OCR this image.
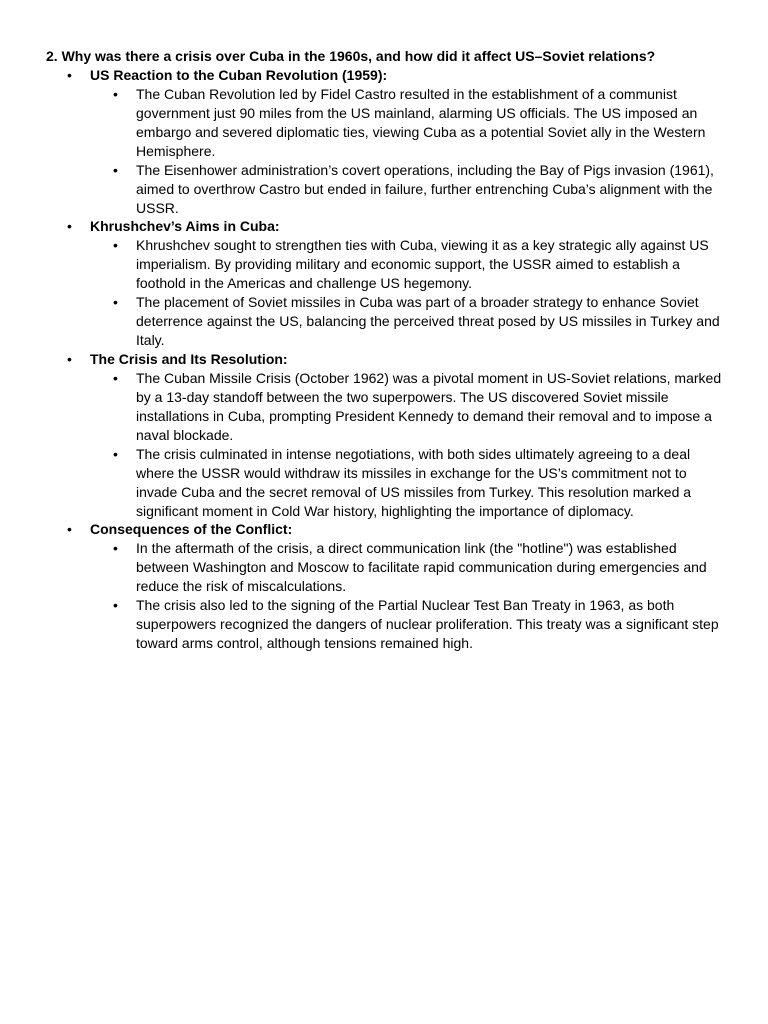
2. Why was there a crisis over Cuba in the 1960s, and how did it affect US–Soviet relations?
• US Reaction to the Cuban Revolution (1959):
• The Cuban Revolution led by Fidel Castro resulted in the establishment of a communist government just 90 miles from the US mainland, alarming US officials. The US imposed an embargo and severed diplomatic ties, viewing Cuba as a potential Soviet ally in the Western Hemisphere.
• The Eisenhower administration’s covert operations, including the Bay of Pigs invasion (1961), aimed to overthrow Castro but ended in failure, further entrenching Cuba’s alignment with the USSR.
• Khrushchev’s Aims in Cuba:
• Khrushchev sought to strengthen ties with Cuba, viewing it as a key strategic ally against US imperialism. By providing military and economic support, the USSR aimed to establish a foothold in the Americas and challenge US hegemony.
• The placement of Soviet missiles in Cuba was part of a broader strategy to enhance Soviet deterrence against the US, balancing the perceived threat posed by US missiles in Turkey and Italy.
• The Crisis and Its Resolution:
• The Cuban Missile Crisis (October 1962) was a pivotal moment in US-Soviet relations, marked by a 13-day standoff between the two superpowers. The US discovered Soviet missile installations in Cuba, prompting President Kennedy to demand their removal and to impose a naval blockade.
• The crisis culminated in intense negotiations, with both sides ultimately agreeing to a deal where the USSR would withdraw its missiles in exchange for the US’s commitment not to invade Cuba and the secret removal of US missiles from Turkey. This resolution marked a significant moment in Cold War history, highlighting the importance of diplomacy.
• Consequences of the Conflict:
• In the aftermath of the crisis, a direct communication link (the "hotline") was established between Washington and Moscow to facilitate rapid communication during emergencies and reduce the risk of miscalculations.
• The crisis also led to the signing of the Partial Nuclear Test Ban Treaty in 1963, as both superpowers recognized the dangers of nuclear proliferation. This treaty was a significant step toward arms control, although tensions remained high.
